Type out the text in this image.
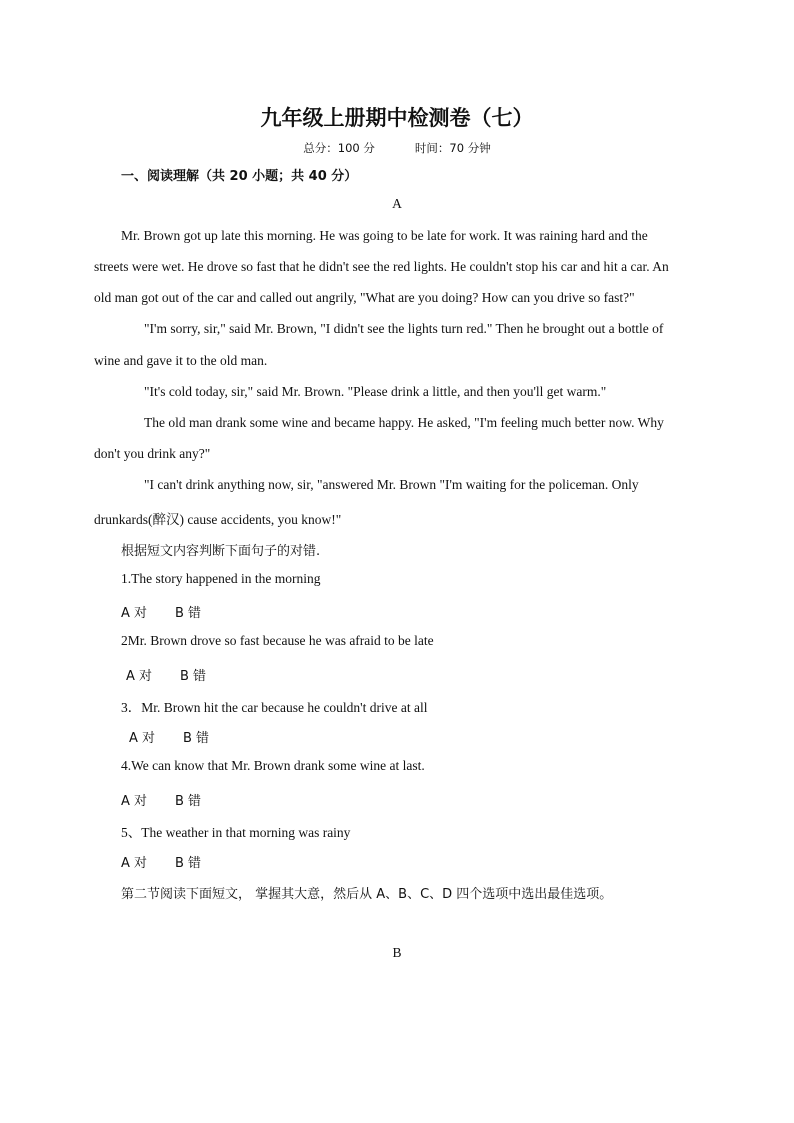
九年级上册期中检测卷（七）
总分：100 分	时间：70 分钟
一、阅读理解（共 20 小题；共 40 分）
A
Mr. Brown got up late this morning. He was going to be late for work. It was raining hard and the
streets were wet. He drove so fast that he didn't see the red lights. He couldn't stop his car and hit a car. An
old man got out of the car and called out angrily, "What are you doing? How can you drive so fast?"
"I'm sorry, sir," said Mr. Brown, "I didn't see the lights turn red." Then he brought out a bottle of
wine and gave it to the old man.
"It's cold today, sir," said Mr. Brown. "Please drink a little, and then you'll get warm."
The old man drank some wine and became happy. He asked, "I'm feeling much better now. Why
don't you drink any?"
"I can't drink anything now, sir, "answered Mr. Brown "I'm waiting for the policeman. Only
drunkards(醉汉) cause accidents, you know!"
根据短文内容判断下面句子的对错.
1.The story happened in the morning
A 对 B 错
2Mr. Brown drove so fast because he was afraid to be late
A 对 B 错
3．Mr. Brown hit the car because he couldn't drive at all
A 对 B 错
4.We can know that Mr. Brown drank some wine at last.
A 对 B 错
5、The weather in that morning was rainy
A 对 B 错
第二节阅读下面短文， 掌握其大意，然后从 A、B、C、D 四个选项中选出最佳选项。
B
